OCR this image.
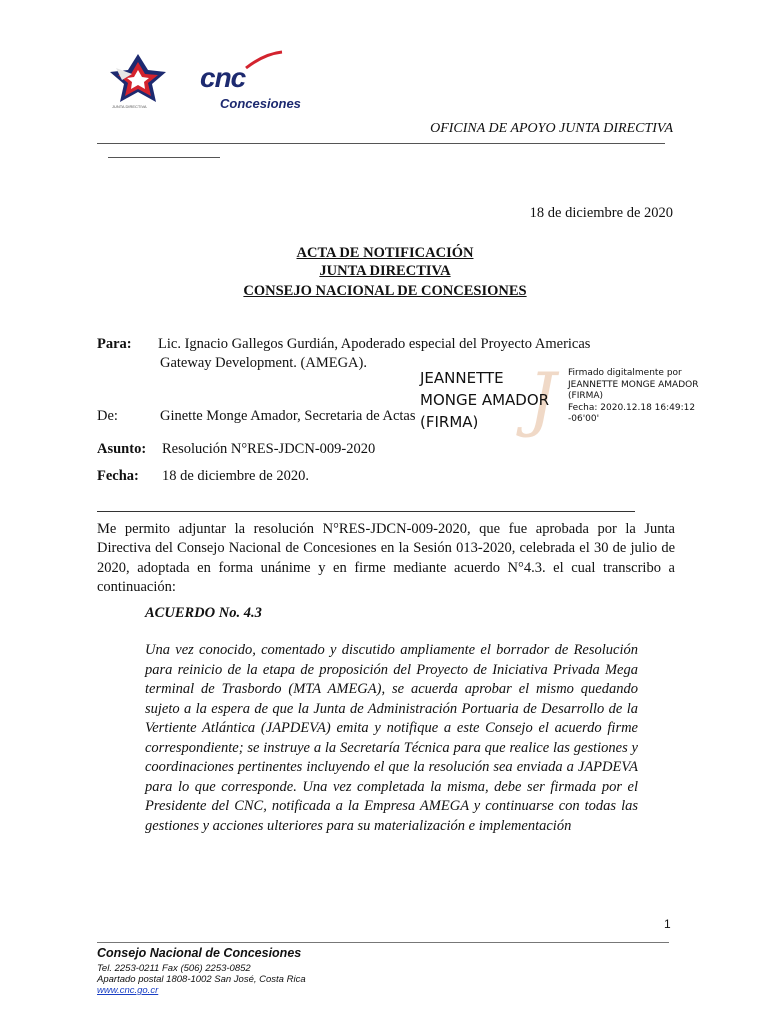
JUNTA DIRECTIVA
cnc
Concesiones
OFICINA DE APOYO JUNTA DIRECTIVA
18 de diciembre de 2020
ACTA DE NOTIFICACIÓN
JUNTA DIRECTIVA
CONSEJO NACIONAL DE CONCESIONES
Para: Lic. Ignacio Gallegos Gurdián, Apoderado especial del Proyecto Americas
Gateway Development. (AMEGA).
De:	Ginette Monge Amador, Secretaria de Actas
Asunto: Resolución N°RES-JDCN-009-2020
Fecha: 18 de diciembre de 2020.
J
JEANNETTE
MONGE AMADOR
(FIRMA)
Firmado digitalmente por
JEANNETTE MONGE AMADOR
(FIRMA)
Fecha: 2020.12.18 16:49:12
-06'00'
Me permito adjuntar la resolución N°RES-JDCN-009-2020, que fue aprobada por la Junta Directiva del Consejo Nacional de Concesiones en la Sesión 013-2020, celebrada el 30 de julio de 2020, adoptada en forma unánime y en firme mediante acuerdo N°4.3. el cual transcribo a continuación:
ACUERDO No. 4.3
Una vez conocido, comentado y discutido ampliamente el borrador de Resolución para reinicio de la etapa de proposición del Proyecto de Iniciativa Privada Mega terminal de Trasbordo (MTA AMEGA), se acuerda aprobar el mismo quedando sujeto a la espera de que la Junta de Administración Portuaria de Desarrollo de la Vertiente Atlántica (JAPDEVA) emita y notifique a este Consejo el acuerdo firme correspondiente; se instruye a la Secretaría Técnica para que realice las gestiones y coordinaciones pertinentes incluyendo el que la resolución sea enviada a JAPDEVA para lo que corresponde. Una vez completada la misma, debe ser firmada por el Presidente del CNC, notificada a la Empresa AMEGA y continuarse con todas las gestiones y acciones ulteriores para su materialización e implementación
1
Consejo Nacional de Concesiones
Tel. 2253-0211 Fax (506) 2253-0852
Apartado postal 1808-1002 San José, Costa Rica
www.cnc.go.cr
